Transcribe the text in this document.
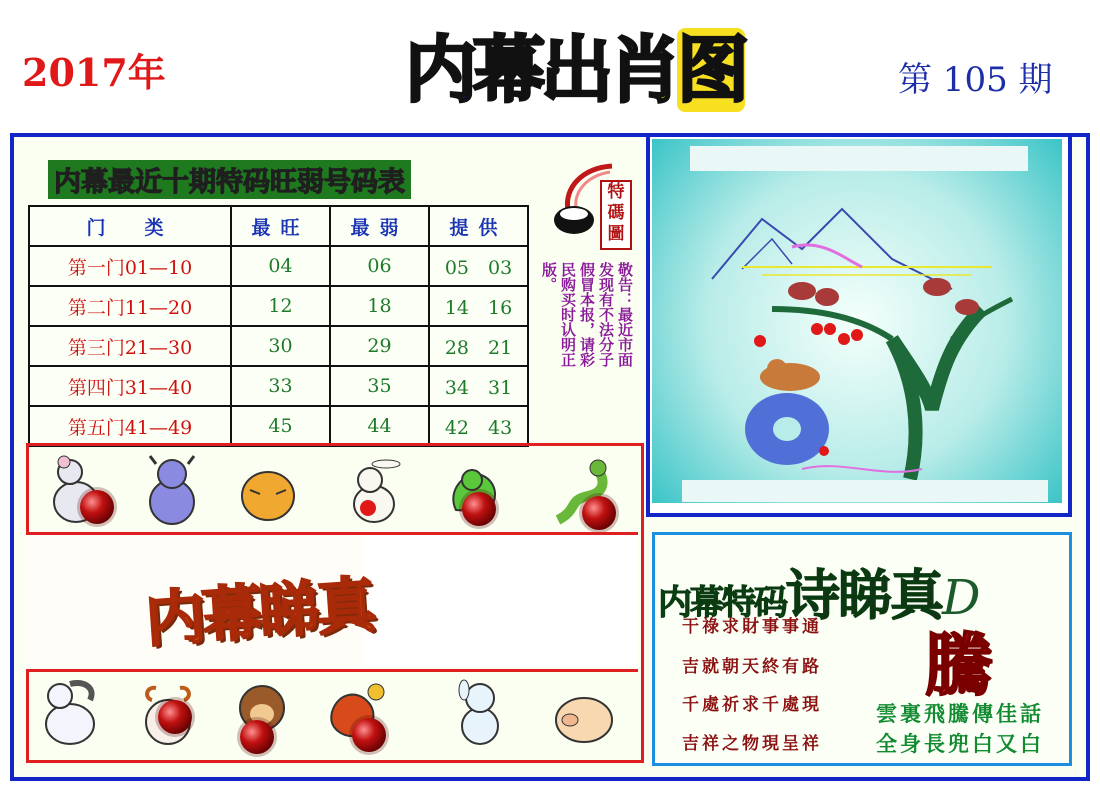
2017年	内幕出肖图	第 105 期
内幕最近十期特码旺弱号码表
门　类	最旺	最弱	提供
第一门01—10	04	06	05　03
第二门11—20	12	18	14　16
第三门21—30	30	29	28　21
第四门31—40	33	35	34　31
第五门41—49	45	44	42　43
特碼圖
敬告：最近市面发现有不法分子假冒本报，请彩民购买时认明正版。
内幕睇真	内幕特码诗睇真D
干祿求財事事通
吉就朝天終有路
千處祈求千處現
吉祥之物現呈祥
騰
雲裏飛騰傳佳話
全身長兜白又白
